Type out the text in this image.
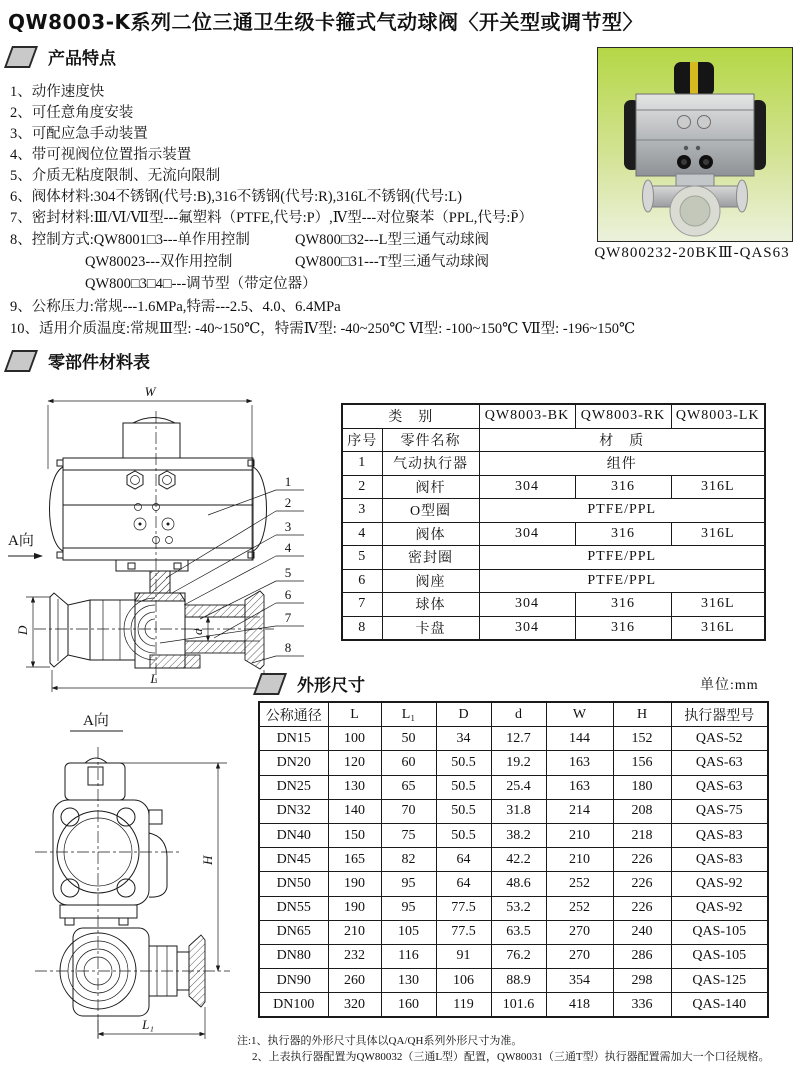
QW8003-K系列二位三通卫生级卡箍式气动球阀〈开关型或调节型〉
产品特点
1、动作速度快
2、可任意角度安装
3、可配应急手动装置
4、带可视阀位位置指示装置
5、介质无粘度限制、无流向限制
6、阀体材料:304不锈钢(代号:B),316不锈钢(代号:R),316L不锈钢(代号:L)
7、密封材料:Ⅲ/Ⅵ/Ⅶ型---氟塑料（PTFE,代号:P）,Ⅳ型---对位聚苯（PPL,代号:P̄）
8、控制方式:QW8001□3---单作用控制	QW800□32---L型三通气动球阀
QW80023---双作用控制	QW800□31---T型三通气动球阀
QW800□3□4□---调节型（带定位器）
9、公称压力:常规---1.6MPa,特需---2.5、4.0、6.4MPa
10、适用介质温度:常规Ⅲ型: -40~150℃，特需Ⅳ型: -40~250℃ Ⅵ型: -100~150℃ Ⅶ型: -196~150℃
QW800232-20BKⅢ-QAS63
零部件材料表
W
d
A向
D
L
1
2
3
4
5
6
7
8
类　别		QW8003-BK	QW8003-RK	QW8003-LK
序号	零件名称	材　质		
1	气动执行器	组件		
2	阀杆	304	316	316L
3	O型圈	PTFE/PPL		
4	阀体	304	316	316L
5	密封圈	PTFE/PPL		
6	阀座	PTFE/PPL		
7	球体	304	316	316L
8	卡盘	304	316	316L
外形尺寸	单位:mm
A向
H
L₁
公称通径	L	L₁	D	d	W	H	执行器型号
DN15	100	50	34	12.7	144	152	QAS-52
DN20	120	60	50.5	19.2	163	156	QAS-63
DN25	130	65	50.5	25.4	163	180	QAS-63
DN32	140	70	50.5	31.8	214	208	QAS-75
DN40	150	75	50.5	38.2	210	218	QAS-83
DN45	165	82	64	42.2	210	226	QAS-83
DN50	190	95	64	48.6	252	226	QAS-92
DN55	190	95	77.5	53.2	252	226	QAS-92
DN65	210	105	77.5	63.5	270	240	QAS-105
DN80	232	116	91	76.2	270	286	QAS-105
DN90	260	130	106	88.9	354	298	QAS-125
DN100	320	160	119	101.6	418	336	QAS-140
注:1、执行器的外形尺寸具体以QA/QH系列外形尺寸为准。
2、上表执行器配置为QW80032（三通L型）配置，QW80031（三通T型）执行器配置需加大一个口径规格。
